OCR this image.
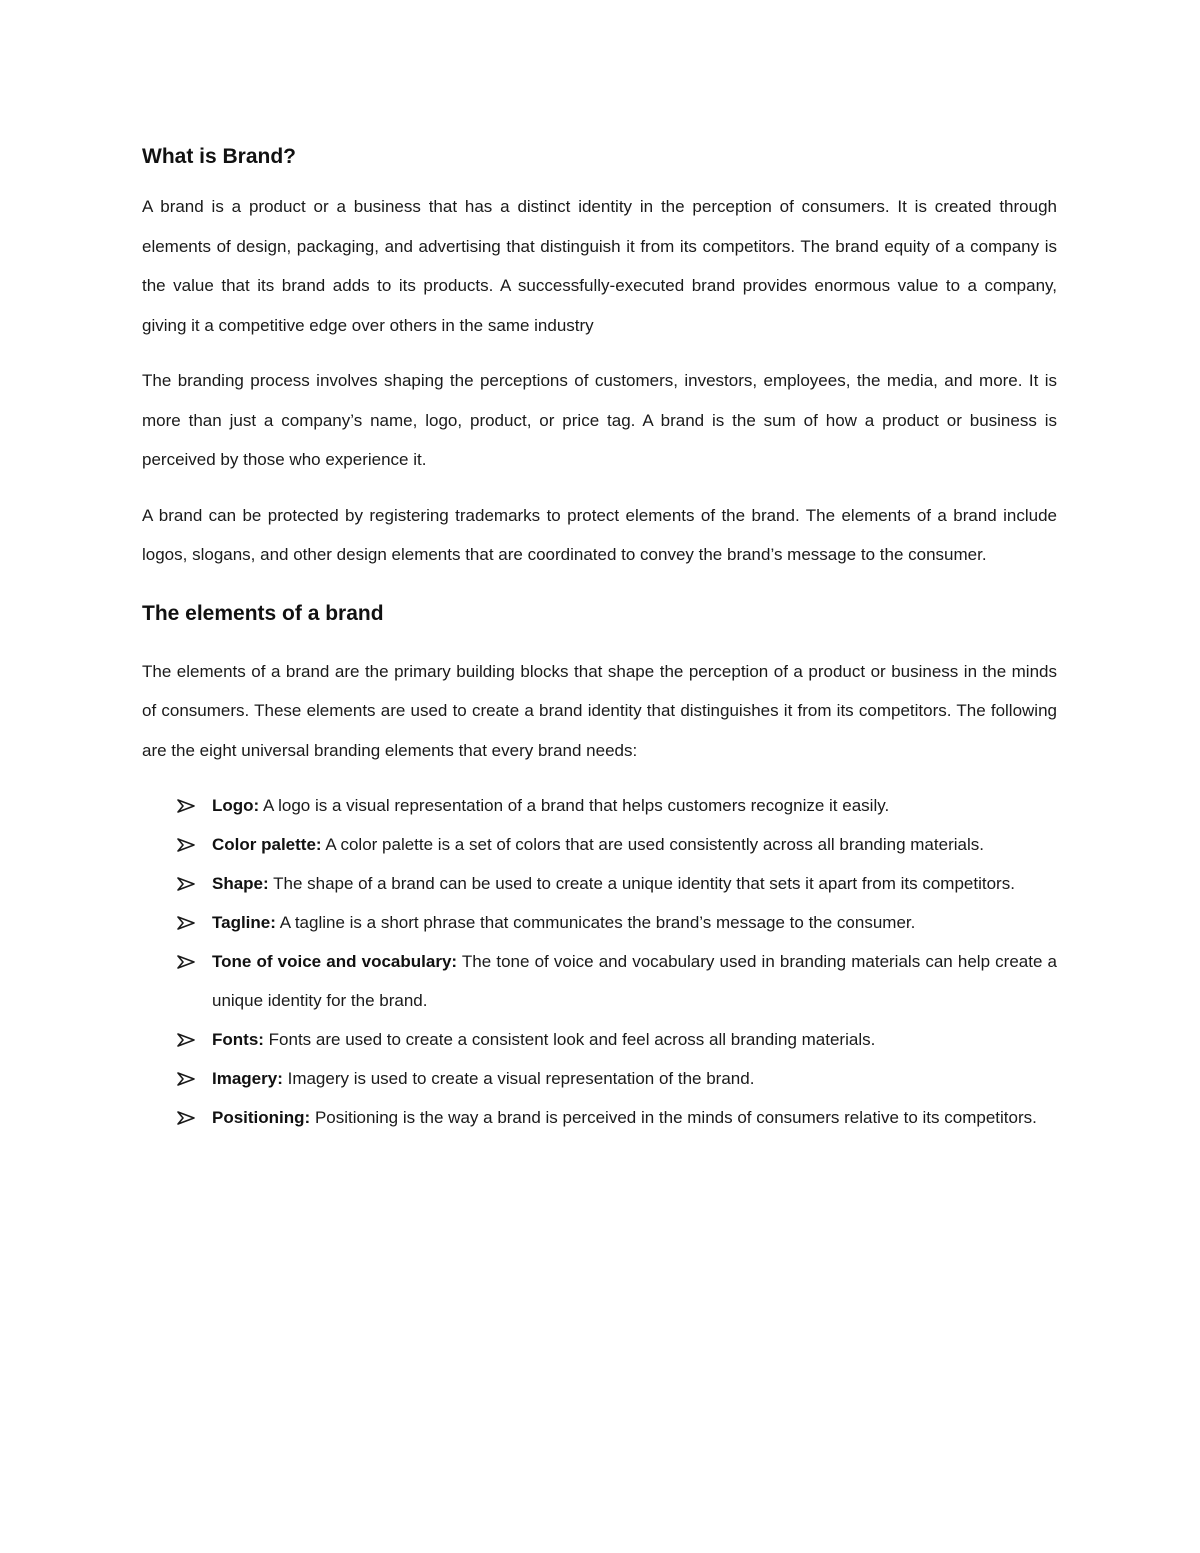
What is Brand?

A brand is a product or a business that has a distinct identity in the perception of consumers. It is created through elements of design, packaging, and advertising that distinguish it from its competitors. The brand equity of a company is the value that its brand adds to its products. A successfully-executed brand provides enormous value to a company, giving it a competitive edge over others in the same industry

The branding process involves shaping the perceptions of customers, investors, employees, the media, and more. It is more than just a company’s name, logo, product, or price tag. A brand is the sum of how a product or business is perceived by those who experience it.

A brand can be protected by registering trademarks to protect elements of the brand. The elements of a brand include logos, slogans, and other design elements that are coordinated to convey the brand’s message to the consumer.

The elements of a brand

The elements of a brand are the primary building blocks that shape the perception of a product or business in the minds of consumers. These elements are used to create a brand identity that distinguishes it from its competitors. The following are the eight universal branding elements that every brand needs:

Logo: A logo is a visual representation of a brand that helps customers recognize it easily.
Color palette: A color palette is a set of colors that are used consistently across all branding materials.
Shape: The shape of a brand can be used to create a unique identity that sets it apart from its competitors.
Tagline: A tagline is a short phrase that communicates the brand’s message to the consumer.
Tone of voice and vocabulary: The tone of voice and vocabulary used in branding materials can help create a unique identity for the brand.
Fonts: Fonts are used to create a consistent look and feel across all branding materials.
Imagery: Imagery is used to create a visual representation of the brand.
Positioning: Positioning is the way a brand is perceived in the minds of consumers relative to its competitors.
